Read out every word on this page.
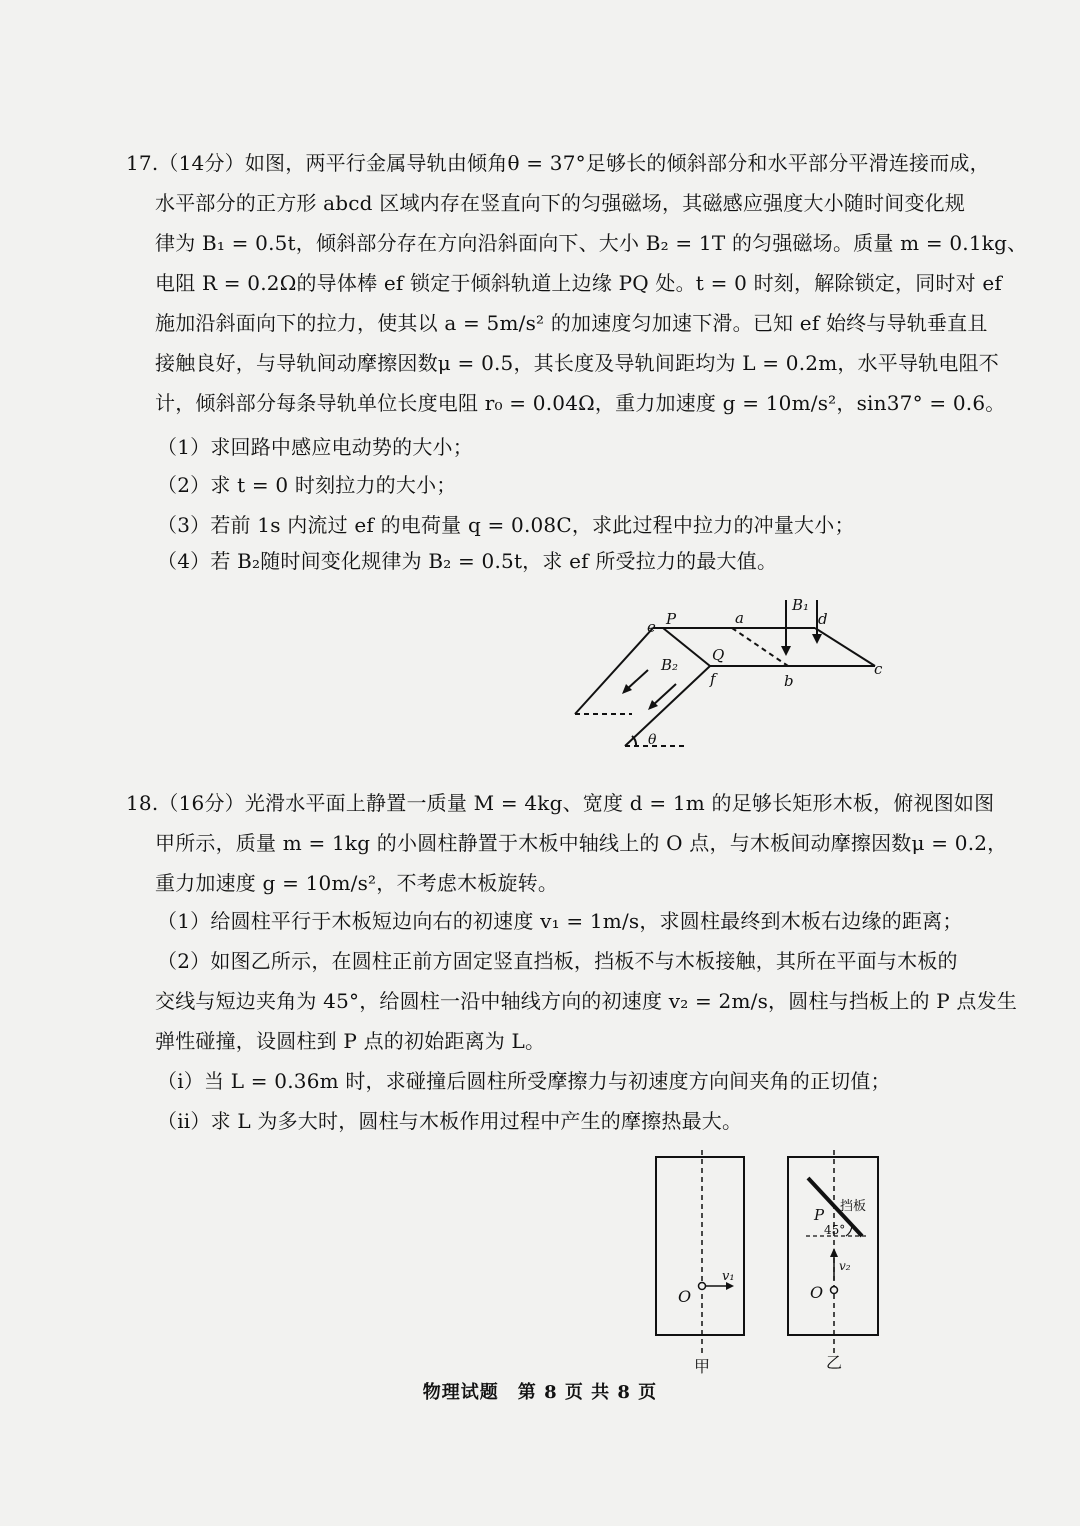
17.（14分）如图，两平行金属导轨由倾角θ = 37°足够长的倾斜部分和水平部分平滑连接而成，
水平部分的正方形 abcd 区域内存在竖直向下的匀强磁场，其磁感应强度大小随时间变化规
律为 B₁ = 0.5t，倾斜部分存在方向沿斜面向下、大小 B₂ = 1T 的匀强磁场。质量 m = 0.1kg、
电阻 R = 0.2Ω的导体棒 ef 锁定于倾斜轨道上边缘 PQ 处。t = 0 时刻，解除锁定，同时对 ef
施加沿斜面向下的拉力，使其以 a = 5m/s² 的加速度匀加速下滑。已知 ef 始终与导轨垂直且
接触良好，与导轨间动摩擦因数μ = 0.5，其长度及导轨间距均为 L = 0.2m，水平导轨电阻不
计，倾斜部分每条导轨单位长度电阻 r₀ = 0.04Ω，重力加速度 g = 10m/s²，sin37° = 0.6。
（1）求回路中感应电动势的大小；
（2）求 t = 0 时刻拉力的大小；
（3）若前 1s 内流过 ef 的电荷量 q = 0.08C，求此过程中拉力的冲量大小；
（4）若 B₂随时间变化规律为 B₂ = 0.5t，求 ef 所受拉力的最大值。
e P	a
B₁
d
B₂
Q
f	b
c
θ
18.（16分）光滑水平面上静置一质量 M = 4kg、宽度 d = 1m 的足够长矩形木板，俯视图如图
甲所示，质量 m = 1kg 的小圆柱静置于木板中轴线上的 O 点，与木板间动摩擦因数μ = 0.2，
重力加速度 g = 10m/s²，不考虑木板旋转。
（1）给圆柱平行于木板短边向右的初速度 v₁ = 1m/s，求圆柱最终到木板右边缘的距离；
（2）如图乙所示，在圆柱正前方固定竖直挡板，挡板不与木板接触，其所在平面与木板的
交线与短边夹角为 45°，给圆柱一沿中轴线方向的初速度 v₂ = 2m/s，圆柱与挡板上的 P 点发生
弹性碰撞，设圆柱到 P 点的初始距离为 L。
（i）当 L = 0.36m 时，求碰撞后圆柱所受摩擦力与初速度方向间夹角的正切值；
（ii）求 L 为多大时，圆柱与木板作用过程中产生的摩擦热最大。
O
v₁
甲
P 挡板
45°
v₂
O
乙
物理试题　第 8 页 共 8 页
